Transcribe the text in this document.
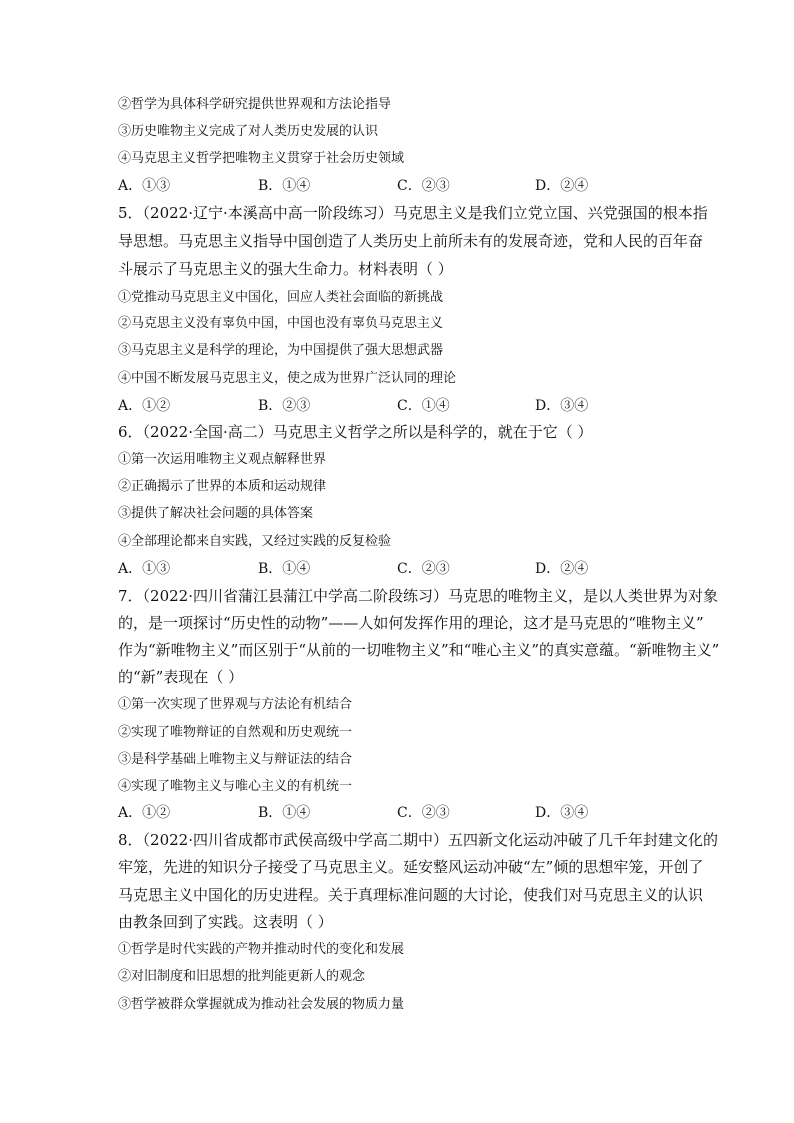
②哲学为具体科学研究提供世界观和方法论指导
③历史唯物主义完成了对人类历史发展的认识
④马克思主义哲学把唯物主义贯穿于社会历史领域
A．①③	B．①④	C．②③	D．②④
5．（2022·辽宁·本溪高中高一阶段练习）马克思主义是我们立党立国、兴党强国的根本指
导思想。马克思主义指导中国创造了人类历史上前所未有的发展奇迹，党和人民的百年奋
斗展示了马克思主义的强大生命力。材料表明（ ）
①党推动马克思主义中国化，回应人类社会面临的新挑战
②马克思主义没有辜负中国，中国也没有辜负马克思主义
③马克思主义是科学的理论，为中国提供了强大思想武器
④中国不断发展马克思主义，使之成为世界广泛认同的理论
A．①②	B．②③	C．①④	D．③④
6．（2022·全国·高二）马克思主义哲学之所以是科学的，就在于它（ ）
①第一次运用唯物主义观点解释世界
②正确揭示了世界的本质和运动规律
③提供了解决社会问题的具体答案
④全部理论都来自实践，又经过实践的反复检验
A．①③	B．①④	C．②③	D．②④
7．（2022·四川省蒲江县蒲江中学高二阶段练习）马克思的唯物主义，是以人类世界为对象
的，是一项探讨“历史性的动物”——人如何发挥作用的理论，这才是马克思的“唯物主义”
作为“新唯物主义”而区别于“从前的一切唯物主义”和“唯心主义”的真实意蕴。“新唯物主义”
的“新”表现在（ ）
①第一次实现了世界观与方法论有机结合
②实现了唯物辩证的自然观和历史观统一
③是科学基础上唯物主义与辩证法的结合
④实现了唯物主义与唯心主义的有机统一
A．①②	B．①④	C．②③	D．③④
8．（2022·四川省成都市武侯高级中学高二期中）五四新文化运动冲破了几千年封建文化的
牢笼，先进的知识分子接受了马克思主义。延安整风运动冲破“左”倾的思想牢笼，开创了
马克思主义中国化的历史进程。关于真理标准问题的大讨论，使我们对马克思主义的认识
由教条回到了实践。这表明（ ）
①哲学是时代实践的产物并推动时代的变化和发展
②对旧制度和旧思想的批判能更新人的观念
③哲学被群众掌握就成为推动社会发展的物质力量
